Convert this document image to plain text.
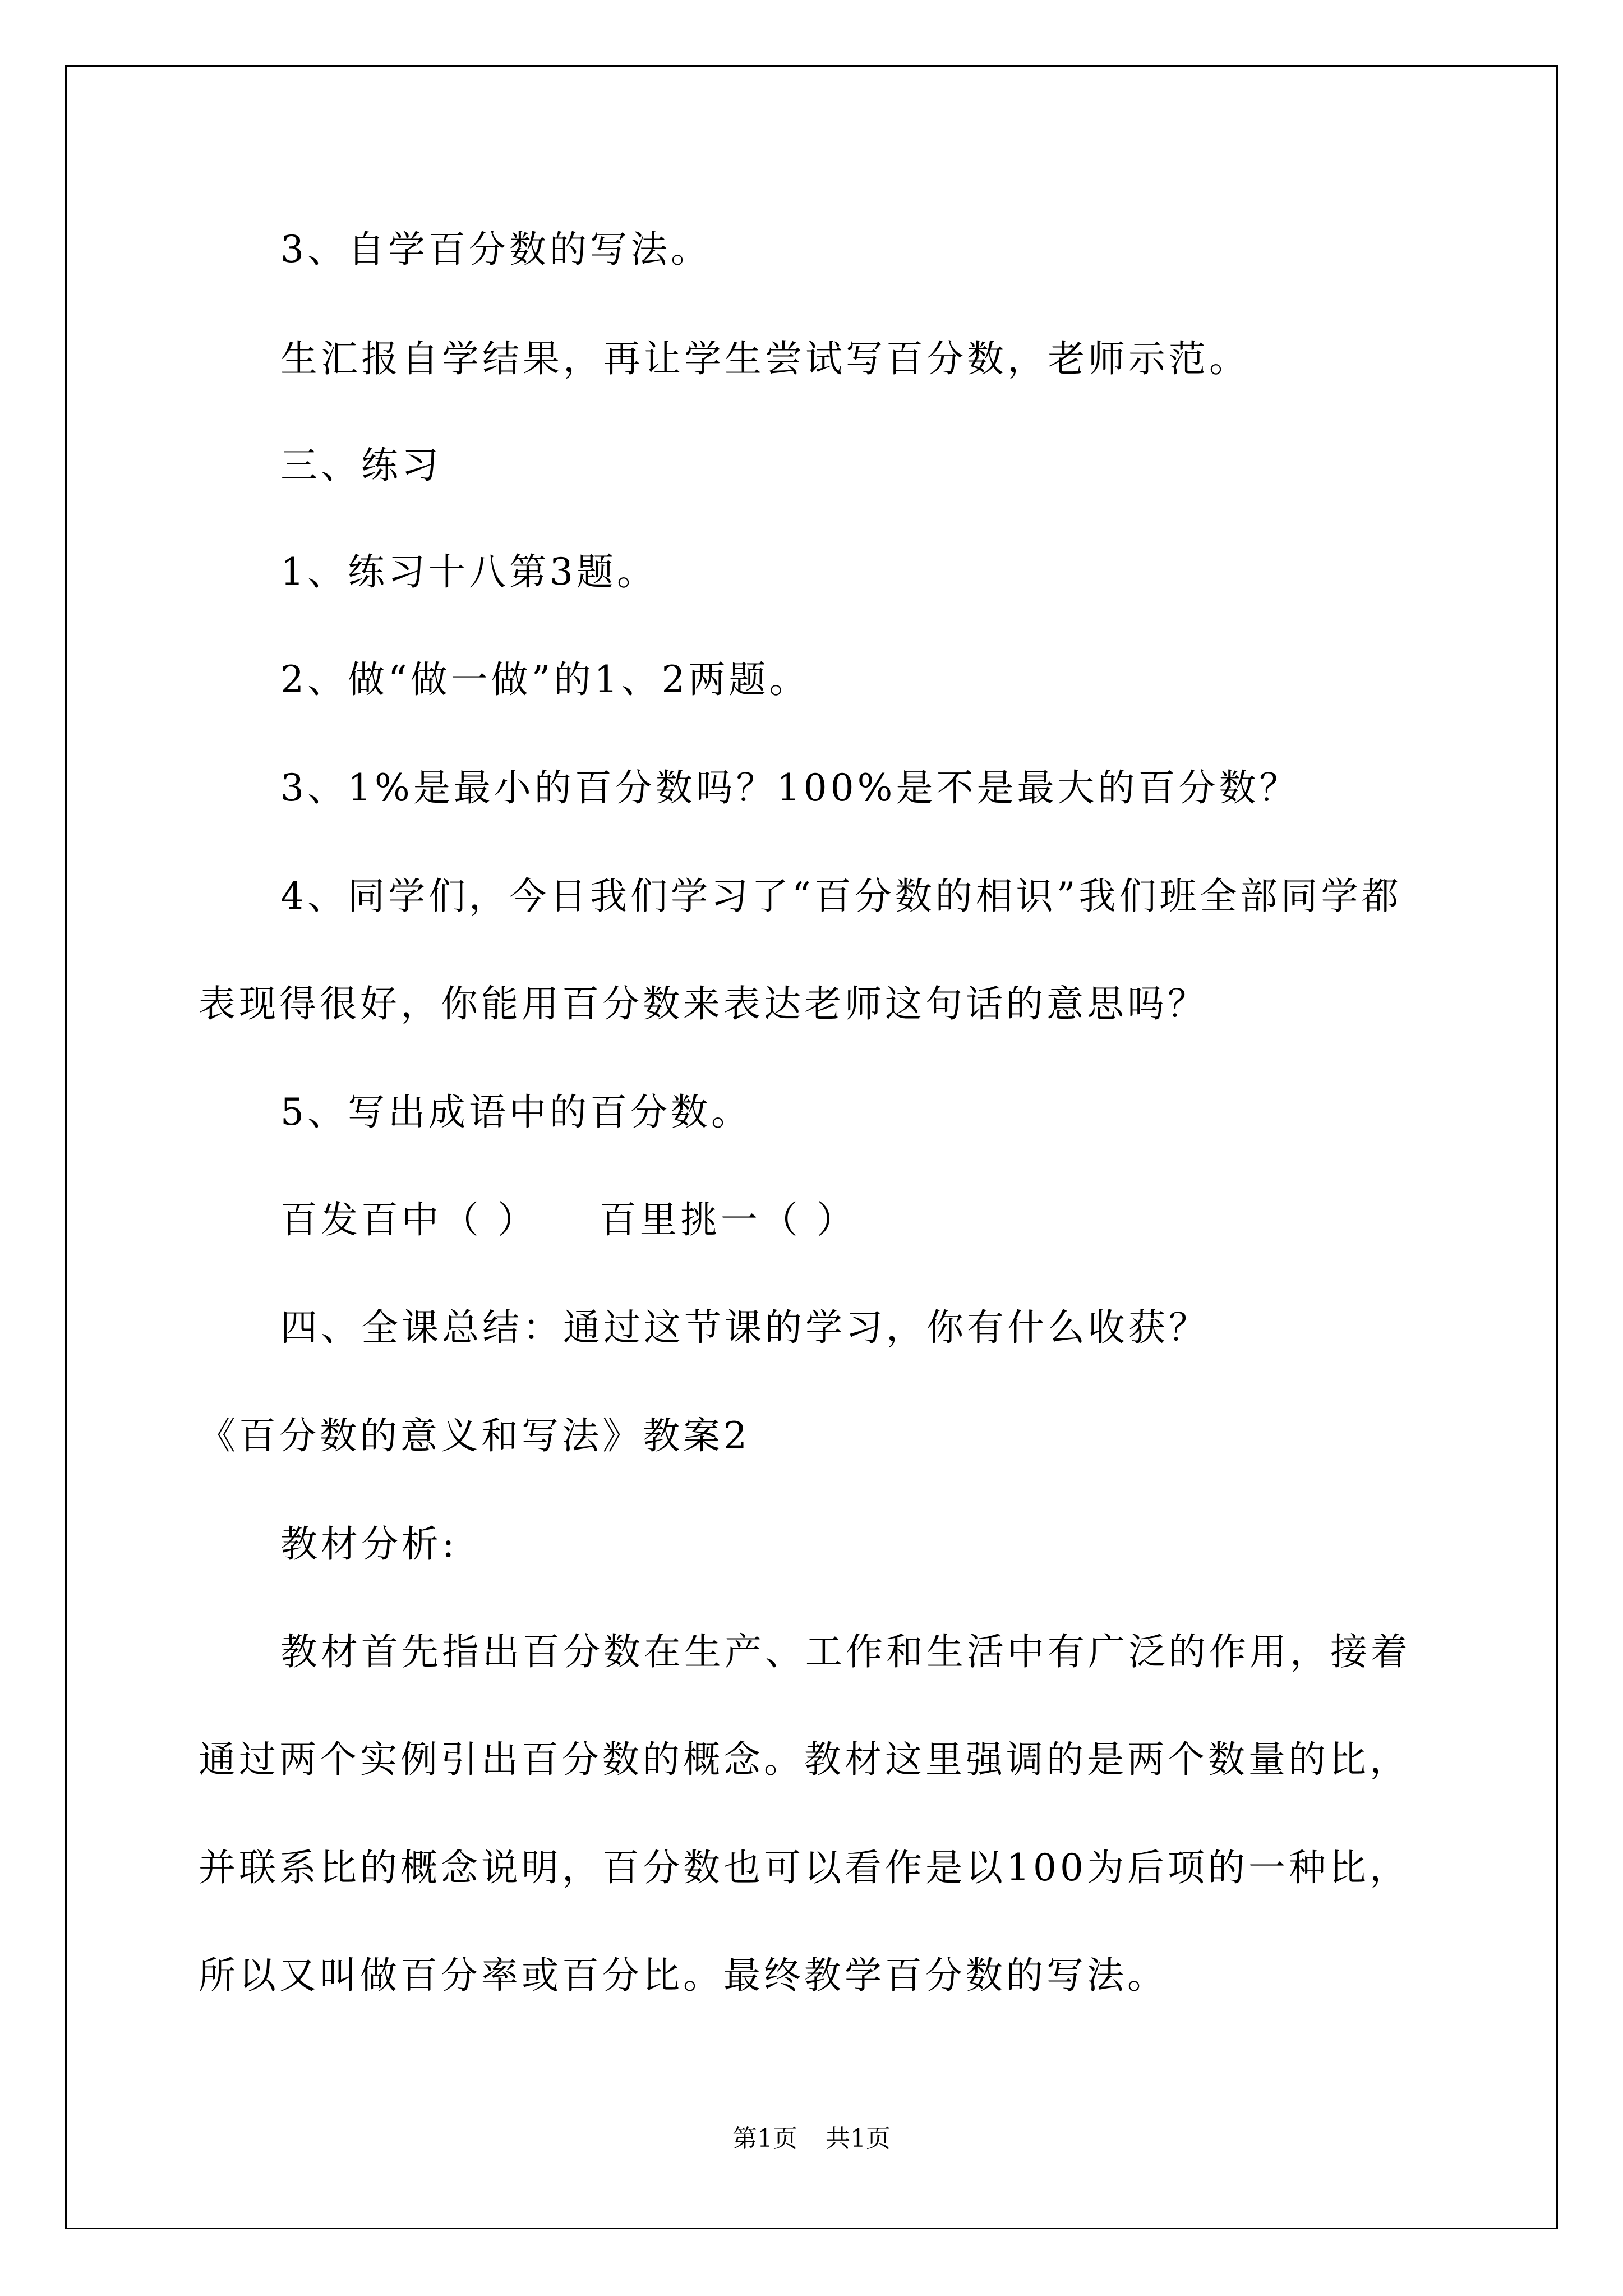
3、自学百分数的写法。

生汇报自学结果，再让学生尝试写百分数，老师示范。

三、练习

1、练习十八第3题。

2、做“做一做”的1、2两题。

3、1%是最小的百分数吗？100%是不是最大的百分数？

4、同学们，今日我们学习了“百分数的相识”我们班全部同学都

表现得很好，你能用百分数来表达老师这句话的意思吗？

5、写出成语中的百分数。

百发百中（ ） 百里挑一（ ）

四、全课总结：通过这节课的学习，你有什么收获？

《百分数的意义和写法》教案2

教材分析:

教材首先指出百分数在生产、工作和生活中有广泛的作用，接着

通过两个实例引出百分数的概念。教材这里强调的是两个数量的比，

并联系比的概念说明，百分数也可以看作是以100为后项的一种比，

所以又叫做百分率或百分比。最终教学百分数的写法。

第1页 共1页
